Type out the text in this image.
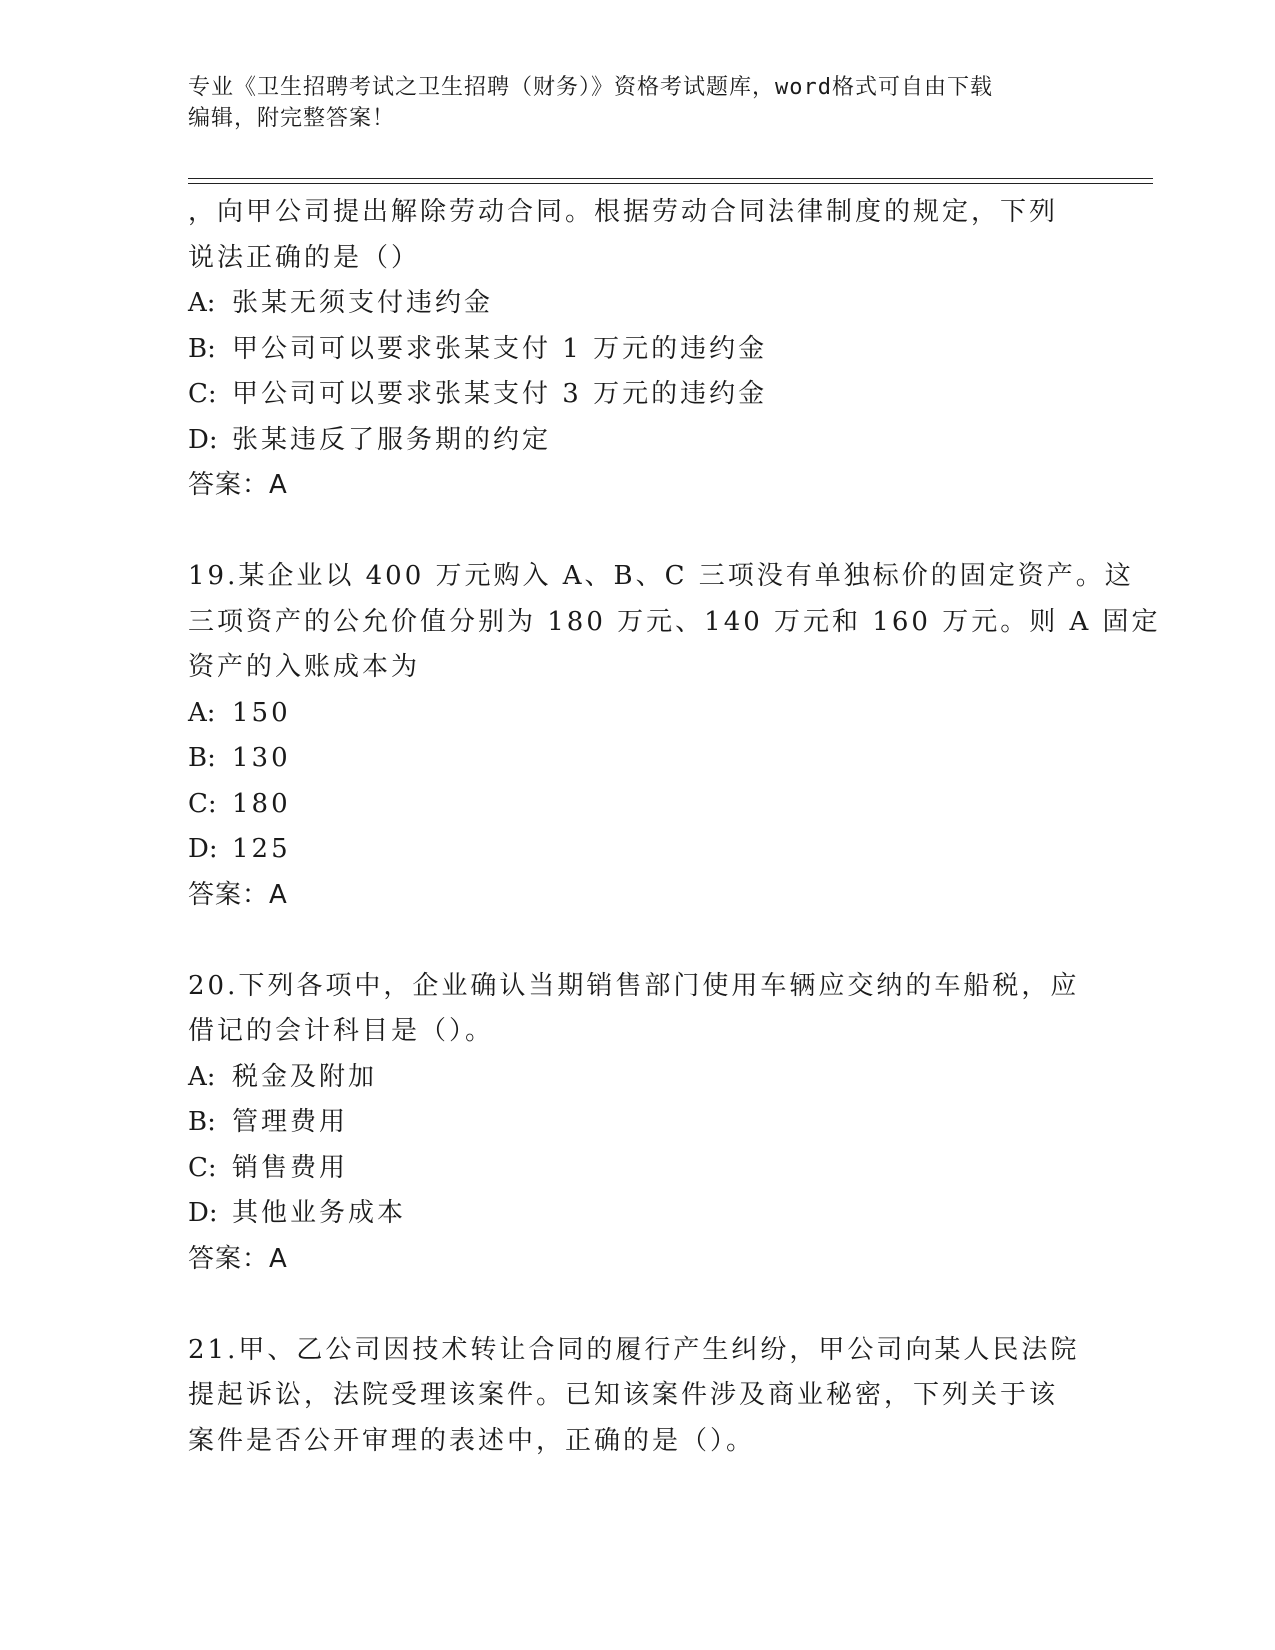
专业《卫生招聘考试之卫生招聘（财务）》资格考试题库，word格式可自由下载
编辑，附完整答案！
，向甲公司提出解除劳动合同。根据劳动合同法律制度的规定，下列
说法正确的是（）
A: 张某无须支付违约金
B: 甲公司可以要求张某支付 1 万元的违约金
C: 甲公司可以要求张某支付 3 万元的违约金
D: 张某违反了服务期的约定
答案：A
19.某企业以 400 万元购入 A、B、C 三项没有单独标价的固定资产。这
三项资产的公允价值分别为 180 万元、140 万元和 160 万元。则 A 固定
资产的入账成本为
A: 150
B: 130
C: 180
D: 125
答案：A
20.下列各项中，企业确认当期销售部门使用车辆应交纳的车船税，应
借记的会计科目是（）。
A: 税金及附加
B: 管理费用
C: 销售费用
D: 其他业务成本
答案：A
21.甲、乙公司因技术转让合同的履行产生纠纷，甲公司向某人民法院
提起诉讼，法院受理该案件。已知该案件涉及商业秘密，下列关于该
案件是否公开审理的表述中，正确的是（）。
